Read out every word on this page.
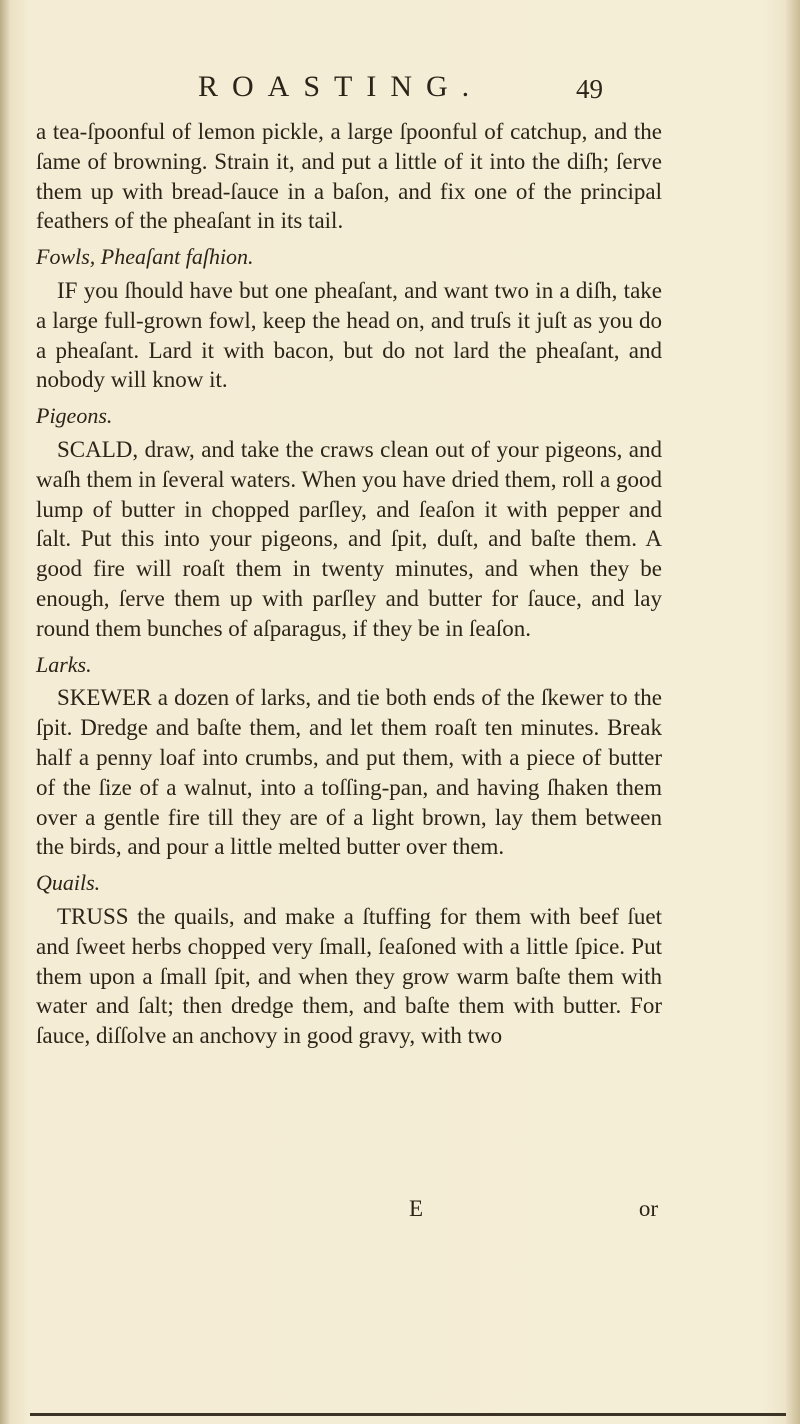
ROASTING.	49

a tea-ſpoonful of lemon pickle, a large ſpoonful of catchup, and the ſame of browning. Strain it, and put a little of it into the diſh; ſerve them up with bread-ſauce in a baſon, and fix one of the principal feathers of the pheaſant in its tail.

Fowls, Pheaſant faſhion.

IF you ſhould have but one pheaſant, and want two in a diſh, take a large full-grown fowl, keep the head on, and truſs it juſt as you do a pheaſant. Lard it with bacon, but do not lard the pheaſant, and nobody will know it.

Pigeons.

SCALD, draw, and take the craws clean out of your pigeons, and waſh them in ſeveral waters. When you have dried them, roll a good lump of butter in chopped parſley, and ſeaſon it with pepper and ſalt. Put this into your pigeons, and ſpit, duſt, and baſte them. A good fire will roaſt them in twenty minutes, and when they be enough, ſerve them up with parſley and butter for ſauce, and lay round them bunches of aſparagus, if they be in ſeaſon.

Larks.

SKEWER a dozen of larks, and tie both ends of the ſkewer to the ſpit. Dredge and baſte them, and let them roaſt ten minutes. Break half a penny loaf into crumbs, and put them, with a piece of butter of the ſize of a walnut, into a toſſing-pan, and having ſhaken them over a gentle fire till they are of a light brown, lay them between the birds, and pour a little melted butter over them.

Quails.

TRUSS the quails, and make a ſtuffing for them with beef ſuet and ſweet herbs chopped very ſmall, ſeaſoned with a little ſpice. Put them upon a ſmall ſpit, and when they grow warm baſte them with water and ſalt; then dredge them, and baſte them with butter. For ſauce, diſſolve an anchovy in good gravy, with two

E	or
